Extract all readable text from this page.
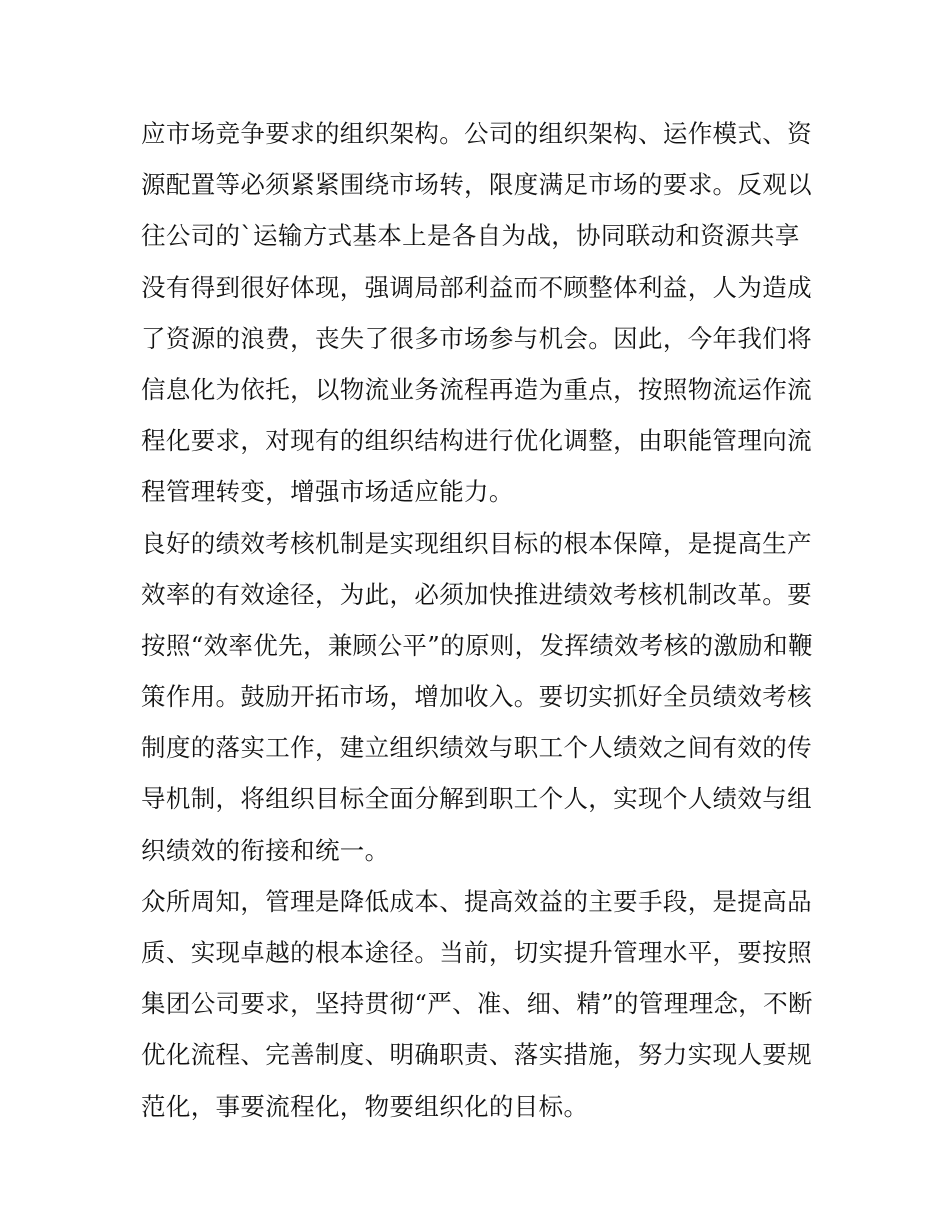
应市场竞争要求的组织架构。公司的组织架构、运作模式、资
源配置等必须紧紧围绕市场转，限度满足市场的要求。反观以
往公司的`运输方式基本上是各自为战，协同联动和资源共享
没有得到很好体现，强调局部利益而不顾整体利益，人为造成
了资源的浪费，丧失了很多市场参与机会。因此，今年我们将
信息化为依托，以物流业务流程再造为重点，按照物流运作流
程化要求，对现有的组织结构进行优化调整，由职能管理向流
程管理转变，增强市场适应能力。
良好的绩效考核机制是实现组织目标的根本保障，是提高生产
效率的有效途径，为此，必须加快推进绩效考核机制改革。要
按照“效率优先，兼顾公平”的原则，发挥绩效考核的激励和鞭
策作用。鼓励开拓市场，增加收入。要切实抓好全员绩效考核
制度的落实工作，建立组织绩效与职工个人绩效之间有效的传
导机制，将组织目标全面分解到职工个人，实现个人绩效与组
织绩效的衔接和统一。
众所周知，管理是降低成本、提高效益的主要手段，是提高品
质、实现卓越的根本途径。当前，切实提升管理水平，要按照
集团公司要求，坚持贯彻“严、准、细、精”的管理理念，不断
优化流程、完善制度、明确职责、落实措施，努力实现人要规
范化，事要流程化，物要组织化的目标。
